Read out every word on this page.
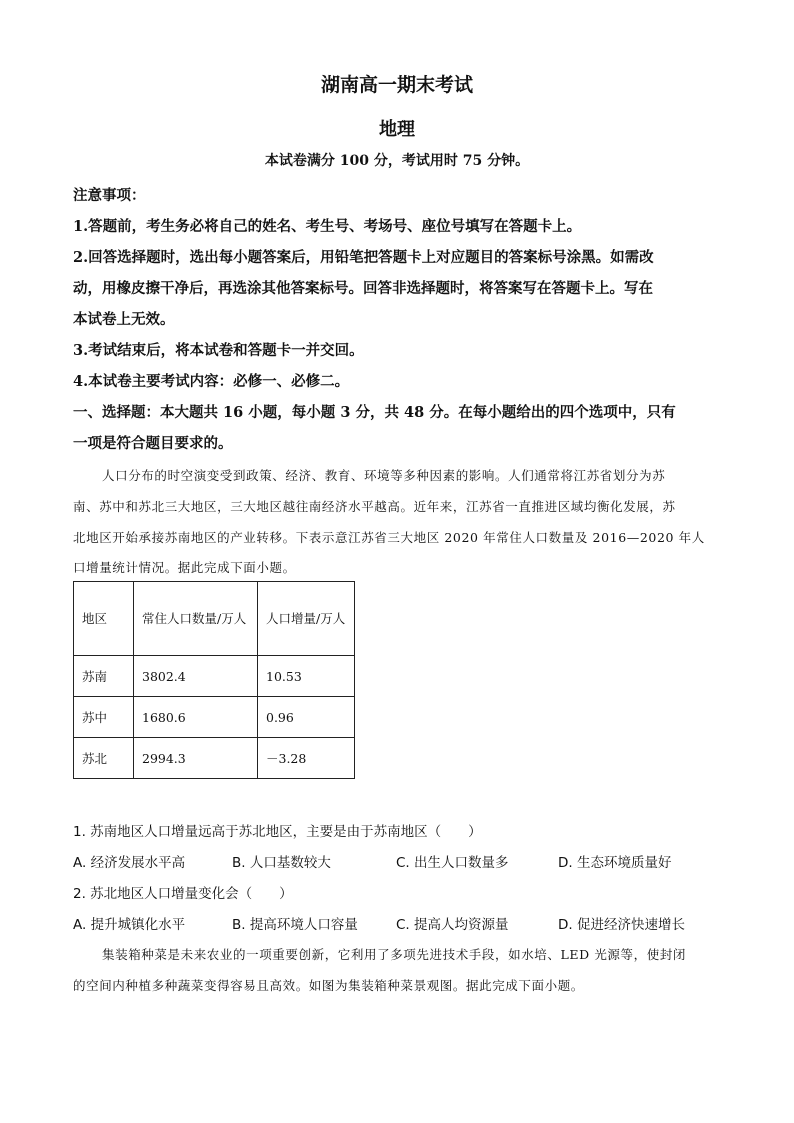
湖南高一期末考试
地理
本试卷满分 100 分，考试用时 75 分钟。
注意事项：
1.答题前，考生务必将自己的姓名、考生号、考场号、座位号填写在答题卡上。
2.回答选择题时，选出每小题答案后，用铅笔把答题卡上对应题目的答案标号涂黑。如需改
动，用橡皮擦干净后，再选涂其他答案标号。回答非选择题时，将答案写在答题卡上。写在
本试卷上无效。
3.考试结束后，将本试卷和答题卡一并交回。
4.本试卷主要考试内容：必修一、必修二。
一、选择题：本大题共 16 小题，每小题 3 分，共 48 分。在每小题给出的四个选项中，只有
一项是符合题目要求的。
人口分布的时空演变受到政策、经济、教育、环境等多种因素的影响。人们通常将江苏省划分为苏
南、苏中和苏北三大地区，三大地区越往南经济水平越高。近年来，江苏省一直推进区域均衡化发展，苏
北地区开始承接苏南地区的产业转移。下表示意江苏省三大地区 2020 年常住人口数量及 2016—2020 年人
口增量统计情况。据此完成下面小题。
地区	常住人口数量/万人	人口增量/万人
苏南	3802.4	10.53
苏中	1680.6	0.96
苏北	2994.3	－3.28
1. 苏南地区人口增量远高于苏北地区，主要是由于苏南地区（　　）
A. 经济发展水平高	B. 人口基数较大	C. 出生人口数量多	D. 生态环境质量好
2. 苏北地区人口增量变化会（　　）
A. 提升城镇化水平	B. 提高环境人口容量	C. 提高人均资源量	D. 促进经济快速增长
集装箱种菜是未来农业的一项重要创新，它利用了多项先进技术手段，如水培、LED 光源等，使封闭
的空间内种植多种蔬菜变得容易且高效。如图为集装箱种菜景观图。据此完成下面小题。
